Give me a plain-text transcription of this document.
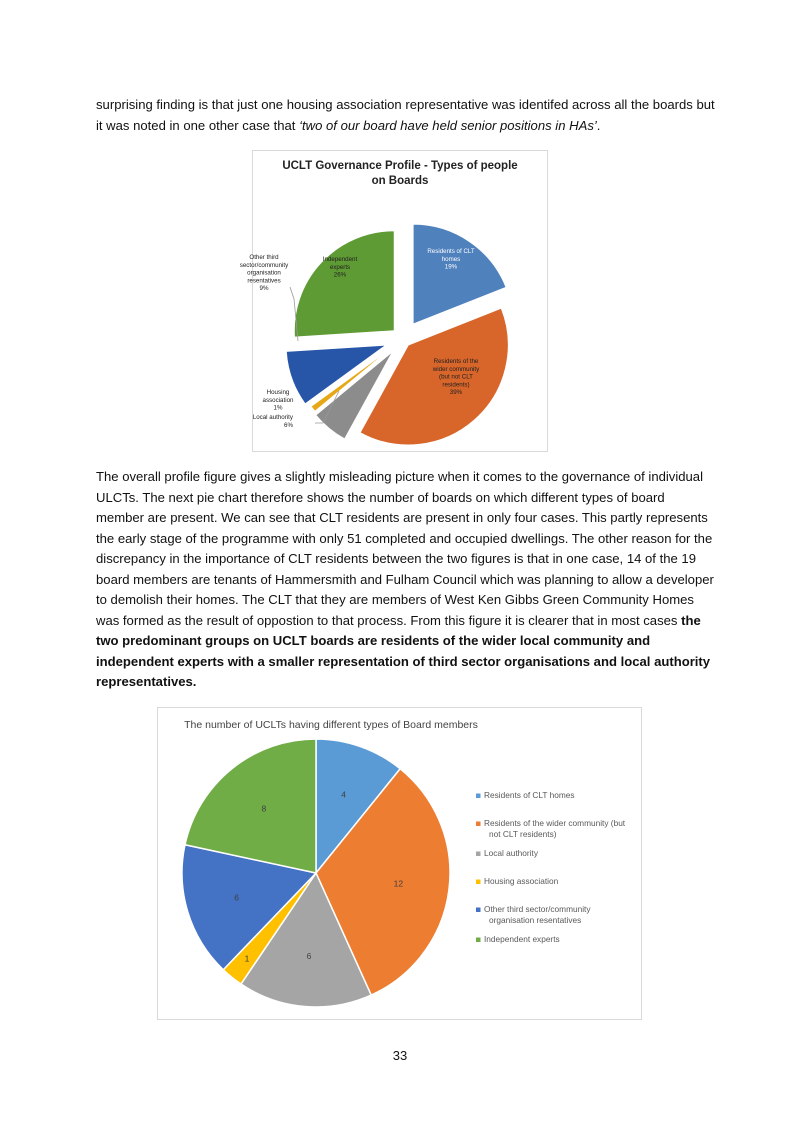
surprising finding is that just one housing association representative was identifed across all the boards but it was noted in one other case that ‘two of our board have held senior positions in HAs’.

UCLT Governance Profile - Types of people
on Boards
Residents of CLT homes 19%
Residents of the wider community (but not CLT residents) 39%
Local authority 6%
Housing association 1%
Other third sector/community organisation resentatives 9%
Independent experts 26%

The overall profile figure gives a slightly misleading picture when it comes to the governance of individual ULCTs. The next pie chart therefore shows the number of boards on which different types of board member are present. We can see that CLT residents are present in only four cases. This partly represents the early stage of the programme with only 51 completed and occupied dwellings. The other reason for the discrepancy in the importance of CLT residents between the two figures is that in one case, 14 of the 19 board members are tenants of Hammersmith and Fulham Council which was planning to allow a developer to demolish their homes. The CLT that they are members of West Ken Gibbs Green Community Homes was formed as the result of oppostion to that process. From this figure it is clearer that in most cases the two predominant groups on UCLT boards are residents of the wider local community and independent experts with a smaller representation of third sector organisations and local authority representatives.

The number of UCLTs having different types of Board members
4
12
6
1
6
8
Residents of CLT homes
Residents of the wider community (but not CLT residents)
Local authority
Housing association
Other third sector/community organisation resentatives
Independent experts
33
